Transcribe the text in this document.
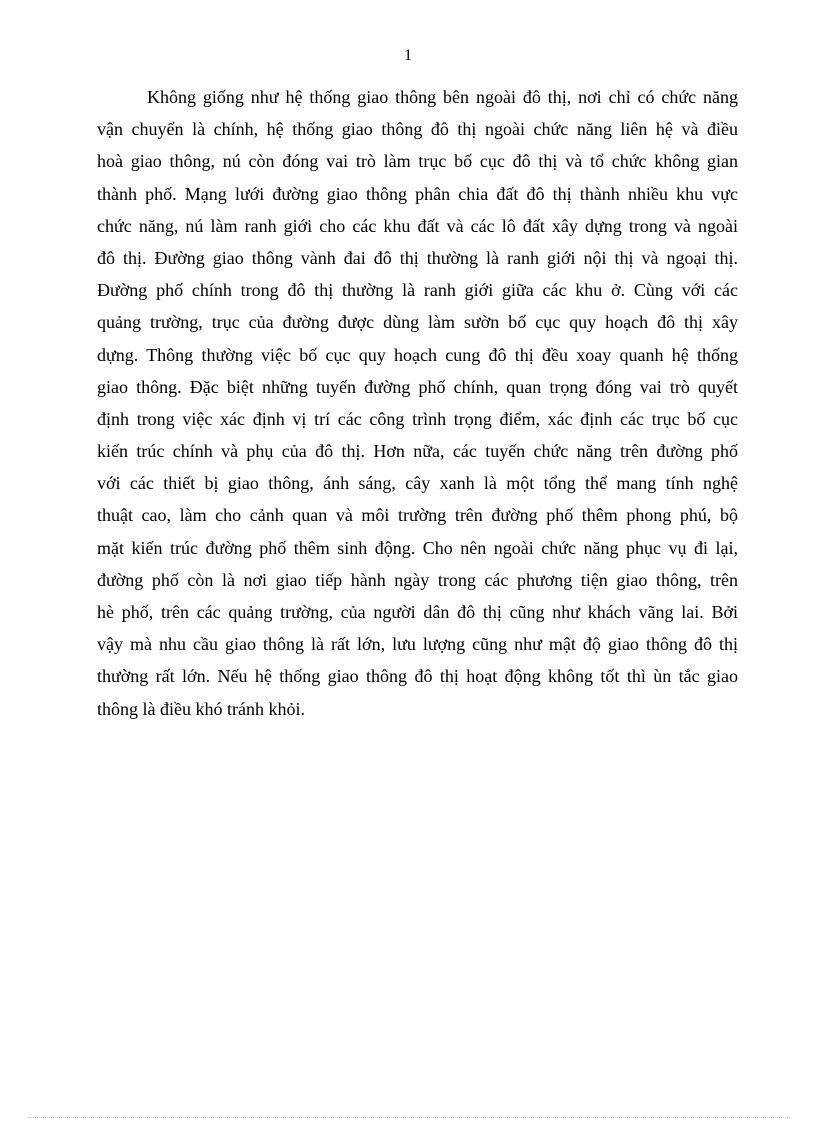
1
Không giống như hệ thống giao thông bên ngoài đô thị, nơi chỉ có chức năng
vận chuyển là chính, hệ thống giao thông đô thị ngoài chức năng liên hệ và điều
hoà giao thông, nú còn đóng vai trò làm trục bố cục đô thị và tổ chức không gian
thành phố. Mạng lưới đường giao thông phân chia đất đô thị thành nhiều khu vực
chức năng, nú làm ranh giới cho các khu đất và các lô đất xây dựng trong và ngoài
đô thị. Đường giao thông vành đai đô thị thường là ranh giới nội thị và ngoại thị.
Đường phố chính trong đô thị thường là ranh giới giữa các khu ở. Cùng với các
quảng trường, trục của đường được dùng làm sườn bố cục quy hoạch đô thị xây
dựng. Thông thường việc bố cục quy hoạch cung đô thị đều xoay quanh hệ thống
giao thông. Đặc biệt những tuyến đường phố chính, quan trọng đóng vai trò quyết
định trong việc xác định vị trí các công trình trọng điểm, xác định các trục bố cục
kiến trúc chính và phụ của đô thị. Hơn nữa, các tuyến chức năng trên đường phố
với các thiết bị giao thông, ánh sáng, cây xanh là một tổng thể mang tính nghệ
thuật cao, làm cho cảnh quan và môi trường trên đường phố thêm phong phú, bộ
mặt kiến trúc đường phố thêm sinh động. Cho nên ngoài chức năng phục vụ đi lại,
đường phố còn là nơi giao tiếp hành ngày trong các phương tiện giao thông, trên
hè phố, trên các quảng trường, của người dân đô thị cũng như khách vãng lai. Bởi
vậy mà nhu cầu giao thông là rất lớn, lưu lượng cũng như mật độ giao thông đô thị
thường rất lớn. Nếu hệ thống giao thông đô thị hoạt động không tốt thì ùn tắc giao
thông là điều khó tránh khỏi.
